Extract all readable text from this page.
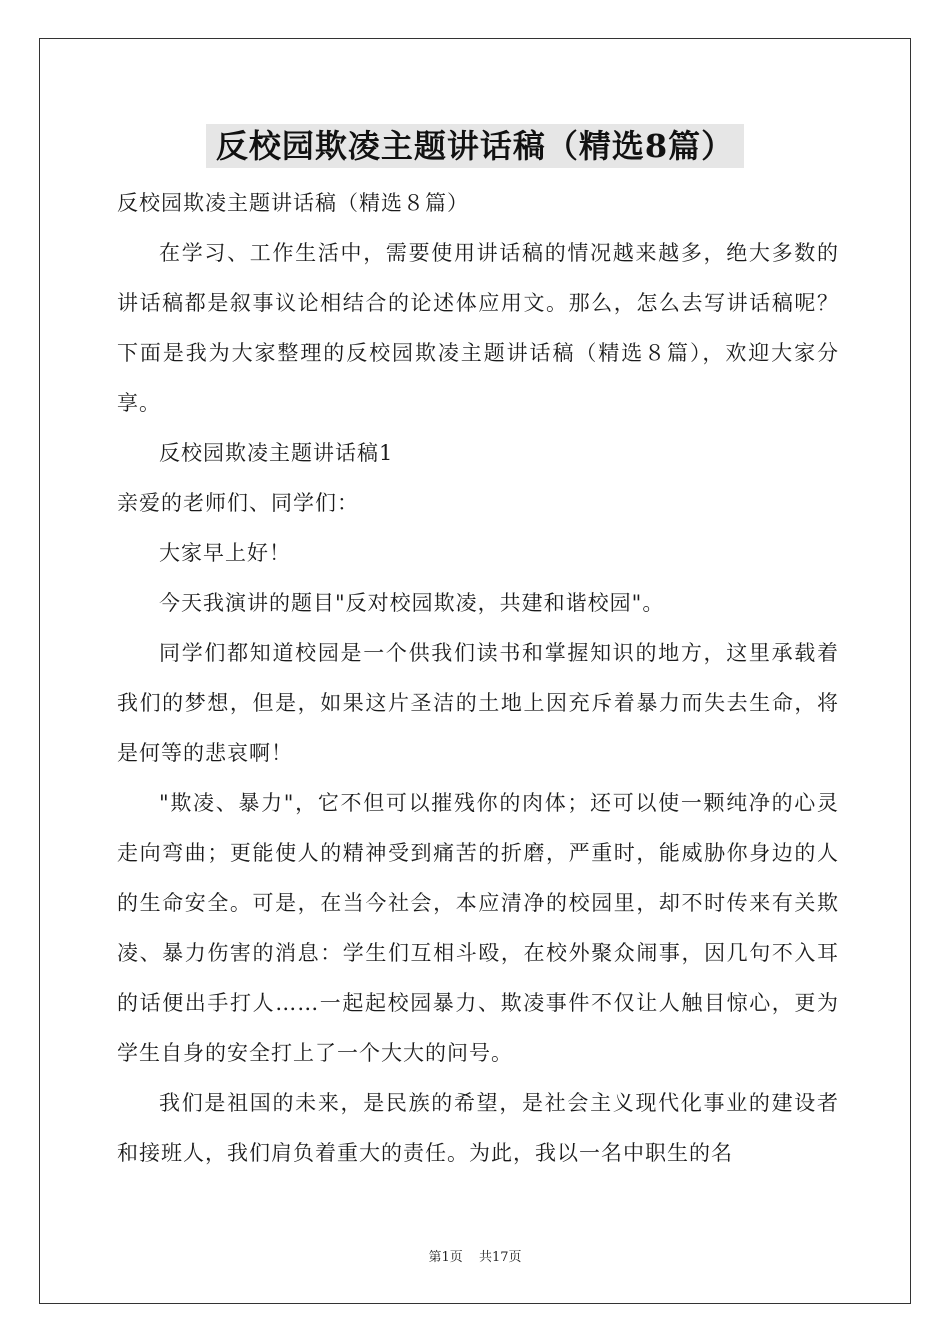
反校园欺凌主题讲话稿（精选8篇）

反校园欺凌主题讲话稿（精选８篇）

在学习、工作生活中，需要使用讲话稿的情况越来越多，绝大多数的讲话稿都是叙事议论相结合的论述体应用文。那么，怎么去写讲话稿呢？下面是我为大家整理的反校园欺凌主题讲话稿（精选８篇），欢迎大家分享。

反校园欺凌主题讲话稿1

亲爱的老师们、同学们：

大家早上好！

今天我演讲的题目"反对校园欺凌，共建和谐校园"。

同学们都知道校园是一个供我们读书和掌握知识的地方，这里承载着我们的梦想，但是，如果这片圣洁的土地上因充斥着暴力而失去生命，将是何等的悲哀啊！

"欺凌、暴力"，它不但可以摧残你的肉体；还可以使一颗纯净的心灵走向弯曲；更能使人的精神受到痛苦的折磨，严重时，能威胁你身边的人的生命安全。可是，在当今社会，本应清净的校园里，却不时传来有关欺凌、暴力伤害的消息：学生们互相斗殴，在校外聚众闹事，因几句不入耳的话便出手打人……一起起校园暴力、欺凌事件不仅让人触目惊心，更为学生自身的安全打上了一个大大的问号。

我们是祖国的未来，是民族的希望，是社会主义现代化事业的建设者和接班人，我们肩负着重大的责任。为此，我以一名中职生的名

第1页 共17页
